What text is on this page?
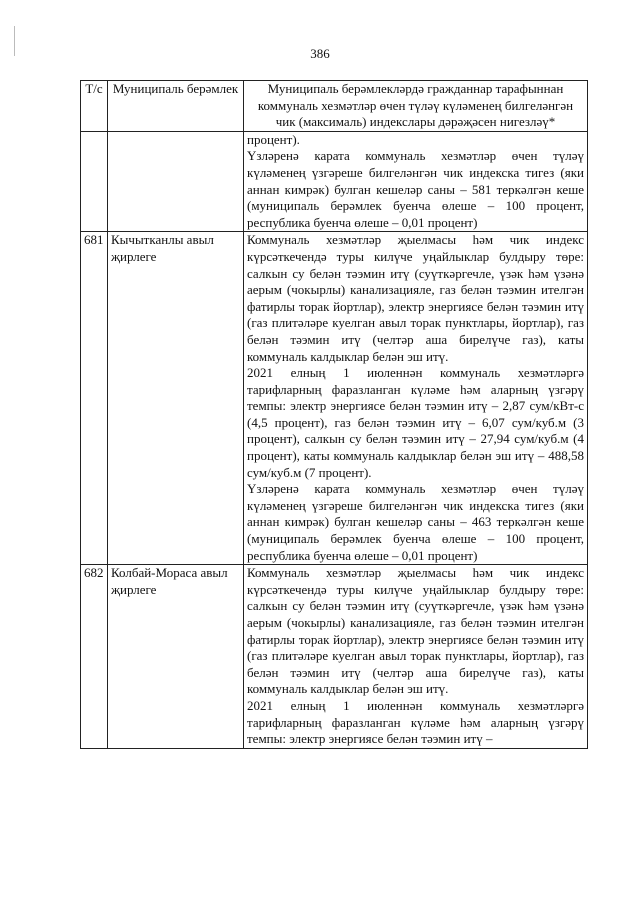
386
Т/с	Муниципаль берәмлек	Муниципаль берәмлекләрдә гражданнар тарафыннан коммуналь хезмәтләр өчен түләү күләменең билгеләнгән чик (максималь) индекслары дәрәҗәсен нигезләү*

		процент).
Үзләренә карата коммуналь хезмәтләр өчен түләү күләменең үзгәреше билгеләнгән чик индекска тигез (яки аннан кимрәк) булган кешеләр саны – 581 теркәлгән кеше (муниципаль берәмлек буенча өлеше – 100 процент, республика буенча өлеше – 0,01 процент)

681	Кычытканлы авыл җирлеге	Коммуналь хезмәтләр җыелмасы һәм чик индекс күрсәткечендә туры килүче уңайлыклар булдыру төре: салкын су белән тәэмин итү (суүткәргечле, үзәк һәм үзәнә аерым (чокырлы) канализацияле, газ белән тәэмин ителгән фатирлы торак йортлар), электр энергиясе белән тәэмин итү (газ плитәләре куелган авыл торак пунктлары, йортлар), газ белән тәэмин итү (челтәр аша бирелүче газ), каты коммуналь калдыклар белән эш итү.
2021 елның 1 июленнән коммуналь хезмәтләргә тарифларның фаразланган күләме һәм аларның үзгәрү темпы: электр энергиясе белән тәэмин итү – 2,87 сум/кВт-с (4,5 процент), газ белән тәэмин итү – 6,07 сум/куб.м (3 процент), салкын су белән тәэмин итү – 27,94 сум/куб.м (4 процент), каты коммуналь калдыклар белән эш итү – 488,58 сум/куб.м (7 процент).
Үзләренә карата коммуналь хезмәтләр өчен түләү күләменең үзгәреше билгеләнгән чик индекска тигез (яки аннан кимрәк) булган кешеләр саны – 463 теркәлгән кеше (муниципаль берәмлек буенча өлеше – 100 процент, республика буенча өлеше – 0,01 процент)

682	Колбай-Мораса авыл җирлеге	Коммуналь хезмәтләр җыелмасы һәм чик индекс күрсәткечендә туры килүче уңайлыклар булдыру төре: салкын су белән тәэмин итү (суүткәргечле, үзәк һәм үзәнә аерым (чокырлы) канализацияле, газ белән тәэмин ителгән фатирлы торак йортлар), электр энергиясе белән тәэмин итү (газ плитәләре куелган авыл торак пунктлары, йортлар), газ белән тәэмин итү (челтәр аша бирелүче газ), каты коммуналь калдыклар белән эш итү.
2021 елның 1 июленнән коммуналь хезмәтләргә тарифларның фаразланган күләме һәм аларның үзгәрү темпы: электр энергиясе белән тәэмин итү –
